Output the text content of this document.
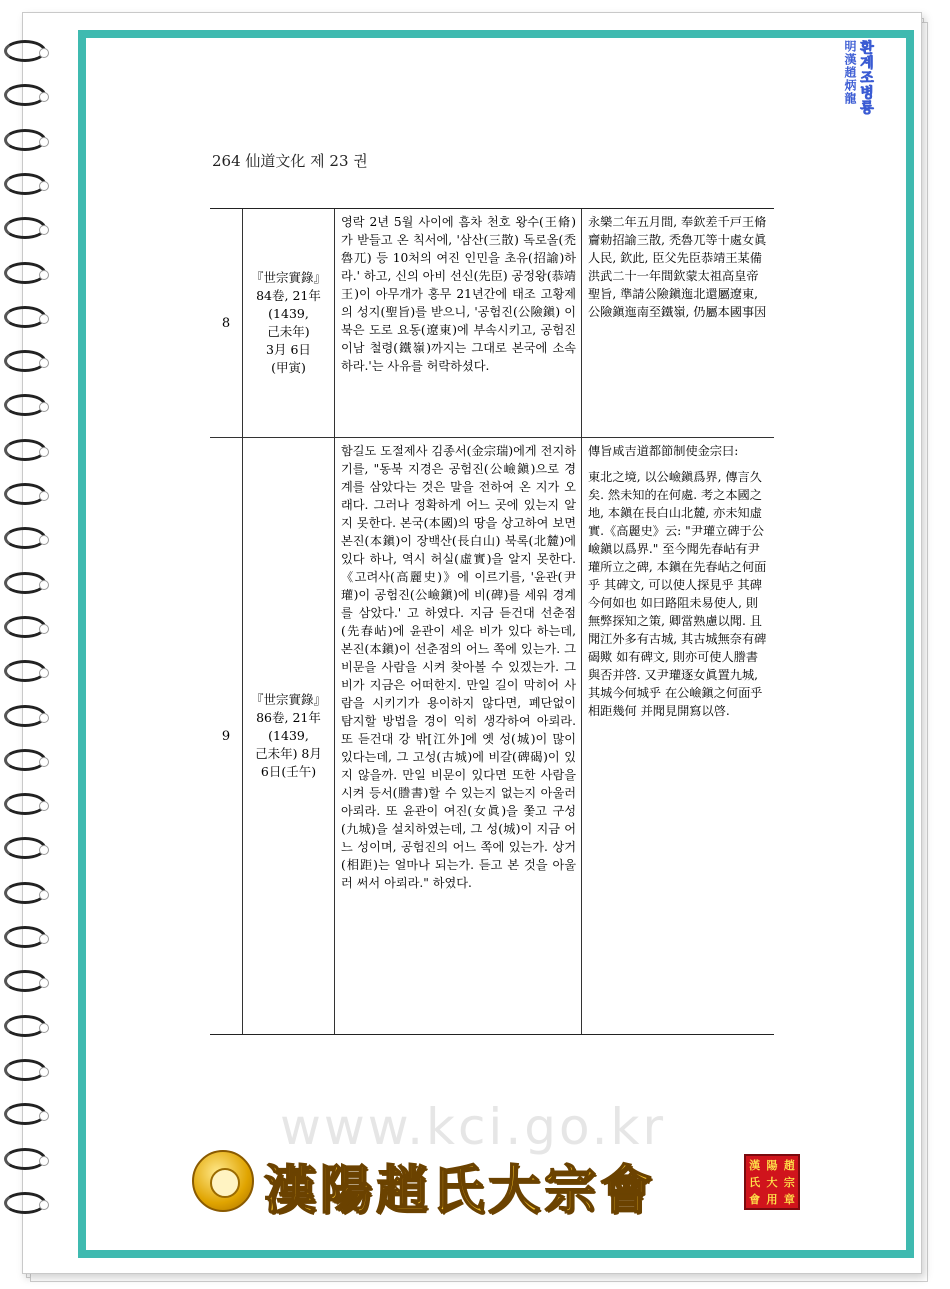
明漢趙炳龍 환계조병룡
264 仙道文化 제 23 권
8
『世宗實錄』
84卷, 21年
(1439,
己未年)
3月 6日
(甲寅)
영락 2년 5월 사이에 흠차 천호 왕수(王脩)가 받들고 온 칙서에, '삼산(三散) 독로올(禿魯兀) 등 10처의 여진 인민을 초유(招諭)하라.' 하고, 신의 아비 선신(先臣) 공정왕(恭靖王)이 아무개가 홍무 21년간에 태조 고황제의 성지(聖旨)를 받으니, '공험진(公險鎭) 이북은 도로 요동(遼東)에 부속시키고, 공험진 이남 철령(鐵嶺)까지는 그대로 본국에 소속하라.'는 사유를 허락하셨다.

永樂二年五月間, 奉欽差千戸王脩齎勅招諭三散, 禿魯兀等十處女眞人民, 欽此, 臣父先臣恭靖王某備洪武二十一年間欽蒙太祖高皇帝聖旨, 準請公險鎭迤北還屬遼東, 公險鎭迤南至鐵嶺, 仍屬本國事因

9
『世宗實錄』
86卷, 21年
(1439,
己未年) 8月
6日(壬午)
함길도 도절제사 김종서(金宗瑞)에게 전지하기를, "동북 지경은 공험진(公嶮鎭)으로 경계를 삼았다는 것은 말을 전하여 온 지가 오래다. 그러나 정확하게 어느 곳에 있는지 알지 못한다. 본국(本國)의 땅을 상고하여 보면 본진(本鎭)이 장백산(長白山) 북록(北麓)에 있다 하나, 역시 허실(虛實)을 알지 못한다. 《고려사(高麗史)》에 이르기를, '윤관(尹瓘)이 공험진(公嶮鎭)에 비(碑)를 세워 경계를 삼았다.' 고 하였다. 지금 듣건대 선춘점(先春岾)에 윤관이 세운 비가 있다 하는데, 본진(本鎭)이 선춘점의 어느 쪽에 있는가. 그 비문을 사람을 시켜 찾아볼 수 있겠는가. 그 비가 지금은 어떠한지. 만일 길이 막히어 사람을 시키기가 용이하지 않다면, 폐단없이 탐지할 방법을 경이 익히 생각하여 아뢰라. 또 듣건대 강 밖[江外]에 옛 성(城)이 많이 있다는데, 그 고성(古城)에 비갈(碑碣)이 있지 않을까. 만일 비문이 있다면 또한 사람을 시켜 등서(謄書)할 수 있는지 없는지 아울러 아뢰라. 또 윤관이 여진(女眞)을 쫓고 구성(九城)을 설치하였는데, 그 성(城)이 지금 어느 성이며, 공험진의 어느 쪽에 있는가. 상거(相距)는 얼마나 되는가. 듣고 본 것을 아울러 써서 아뢰라." 하였다.

傳旨咸吉道都節制使金宗曰:

東北之境, 以公嶮鎭爲界, 傳言久矣. 然未知的在何處. 考之本國之地, 本鎭在長白山北麓, 亦未知虛實.《高麗史》云: "尹瓘立碑于公嶮鎭以爲界." 至今聞先春岾有尹瓘所立之碑, 本鎭在先春岾之何面乎 其碑文, 可以使人探見乎 其碑今何如也 如曰路阻未易使人, 則無弊探知之策, 卿當熟慮以聞. 且聞江外多有古城, 其古城無奈有碑碣歟 如有碑文, 則亦可使人謄書與否并啓. 又尹瓘逐女眞置九城, 其城今何城乎 在公嶮鎭之何面乎 相距幾何 并聞見開寫以啓.

www.kci.go.kr
漢陽趙氏大宗會	漢 陽 趙
氏 大 宗
會 用 章
